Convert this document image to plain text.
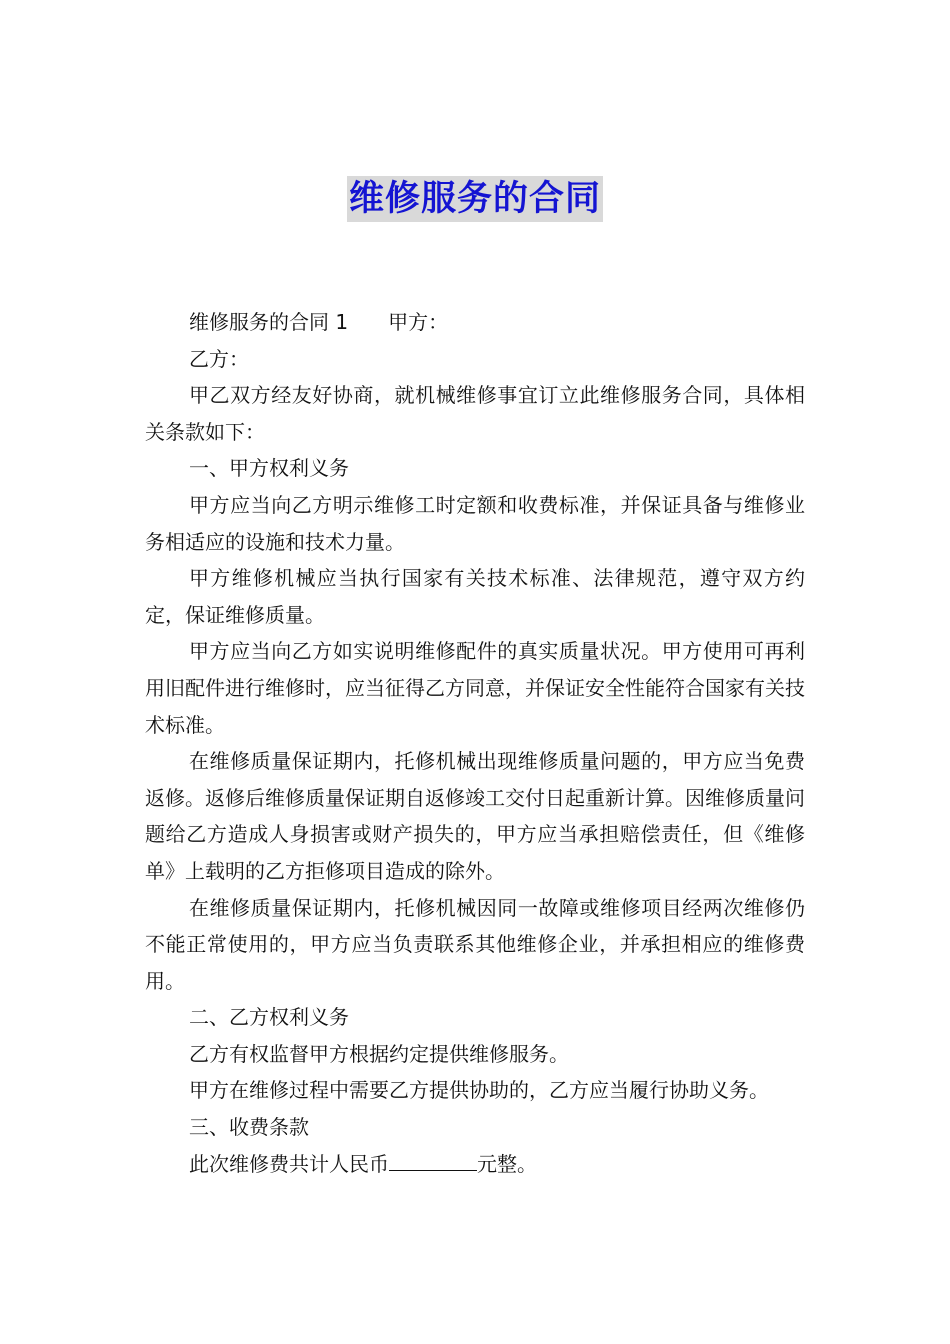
维修服务的合同

维修服务的合同 1 甲方：

乙方：

甲乙双方经友好协商，就机械维修事宜订立此维修服务合同，具体相关条款如下：

一、甲方权利义务

甲方应当向乙方明示维修工时定额和收费标准，并保证具备与维修业务相适应的设施和技术力量。

甲方维修机械应当执行国家有关技术标准、法律规范，遵守双方约定，保证维修质量。

甲方应当向乙方如实说明维修配件的真实质量状况。甲方使用可再利用旧配件进行维修时，应当征得乙方同意，并保证安全性能符合国家有关技术标准。

在维修质量保证期内，托修机械出现维修质量问题的，甲方应当免费返修。返修后维修质量保证期自返修竣工交付日起重新计算。因维修质量问题给乙方造成人身损害或财产损失的，甲方应当承担赔偿责任，但《维修单》上载明的乙方拒修项目造成的除外。

在维修质量保证期内，托修机械因同一故障或维修项目经两次维修仍不能正常使用的，甲方应当负责联系其他维修企业，并承担相应的维修费用。

二、乙方权利义务

乙方有权监督甲方根据约定提供维修服务。

甲方在维修过程中需要乙方提供协助的，乙方应当履行协助义务。

三、收费条款

此次维修费共计人民币	元整。
